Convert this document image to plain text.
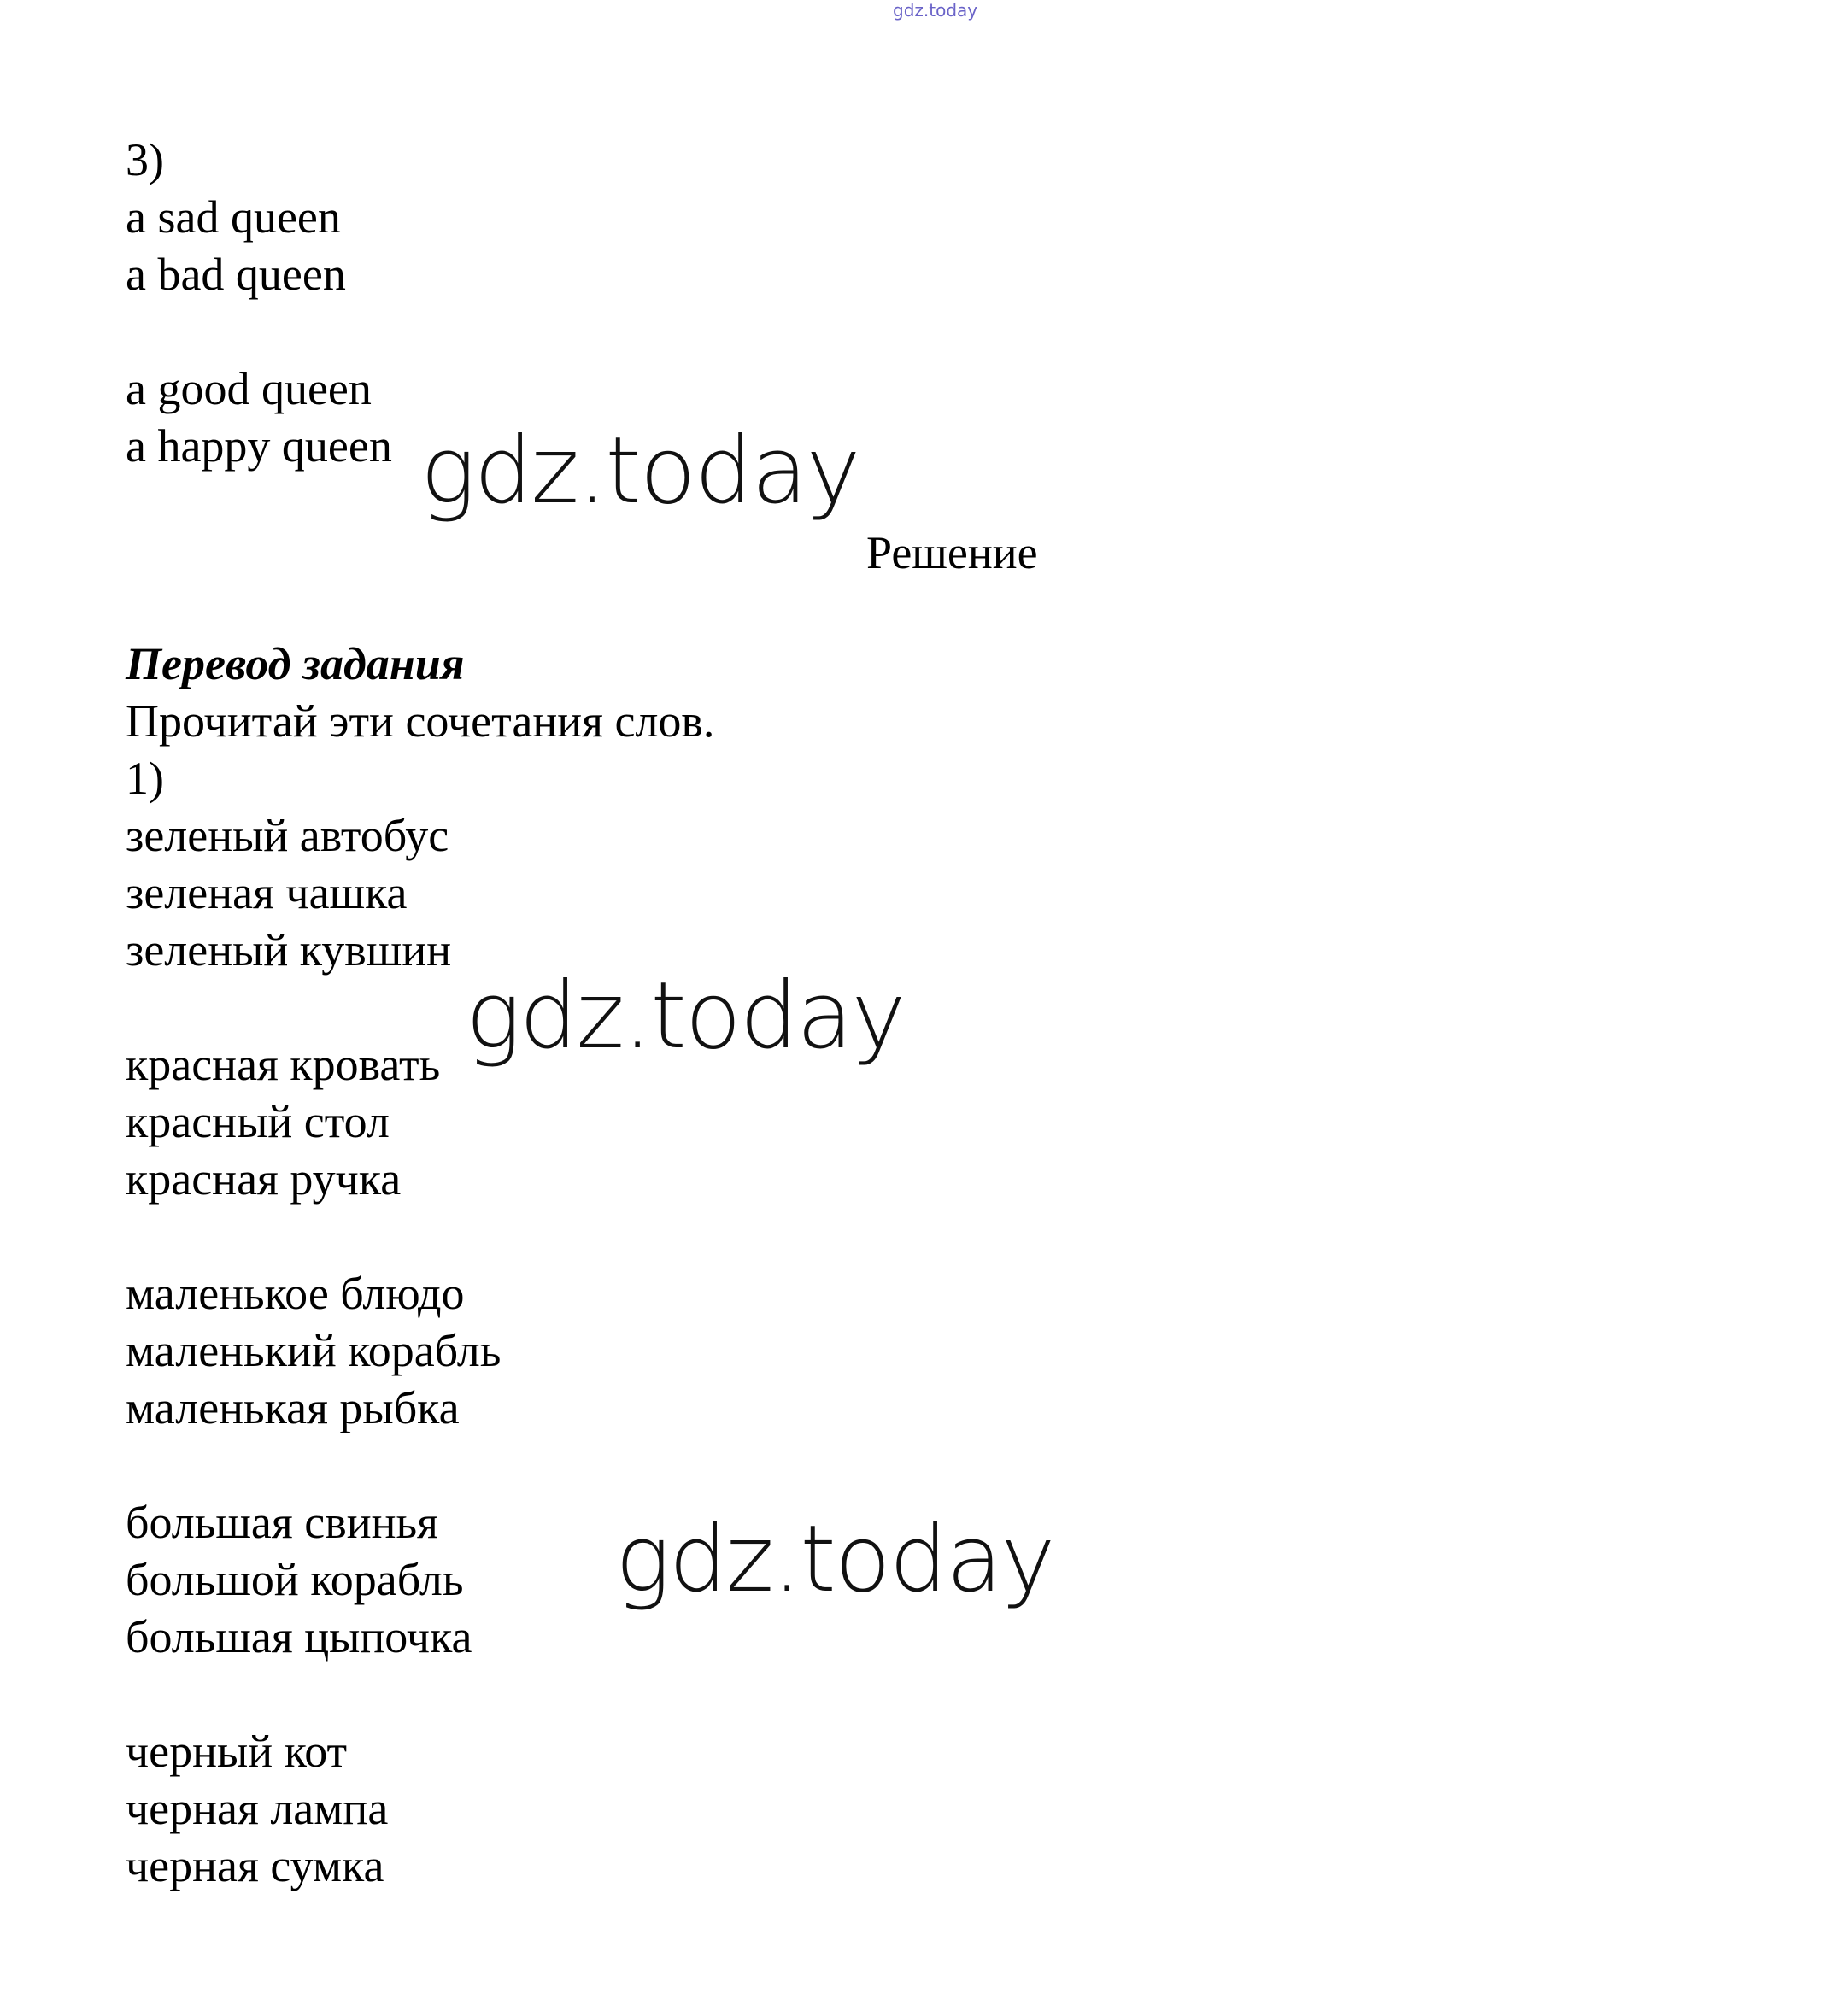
gdz.today
3)
a sad queen
a bad queen
a good queen
a happy queen gdz.today
Решение
Перевод задания
Прочитай эти сочетания слов.
1)
зеленый автобус
зеленая чашка
зеленый кувшин
gdz.today
красная кровать
красный стол
красная ручка
маленькое блюдо
маленький корабль
маленькая рыбка
большая свинья
большой корабль
большая цыпочка
gdz.today
черный кот
черная лампа
черная сумка
